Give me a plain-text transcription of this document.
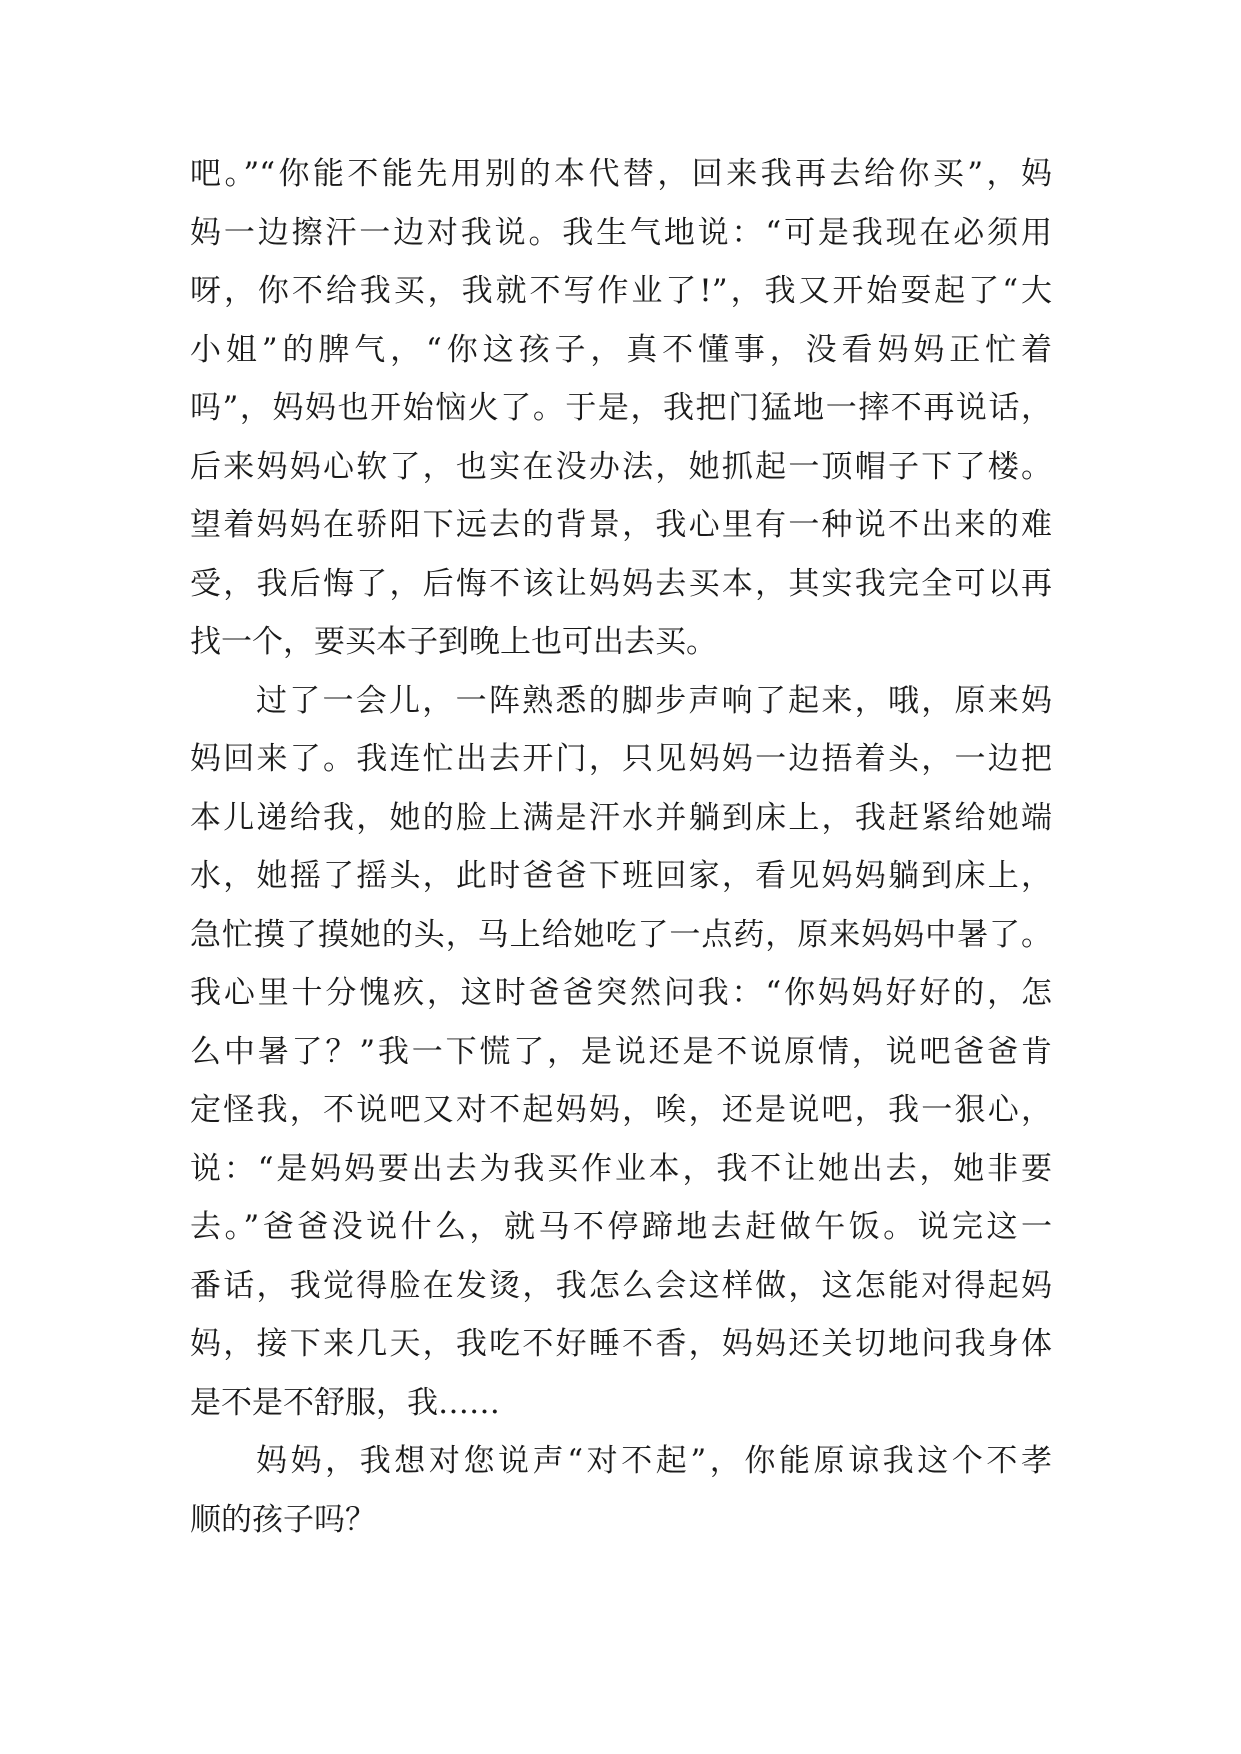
吧。”“你能不能先用别的本代替，回来我再去给你买”，妈
妈一边擦汗一边对我说。我生气地说：“可是我现在必须用
呀，你不给我买，我就不写作业了!”，我又开始耍起了“大
小姐”的脾气，“你这孩子，真不懂事，没看妈妈正忙着
吗”，妈妈也开始恼火了。于是，我把门猛地一摔不再说话，
后来妈妈心软了，也实在没办法，她抓起一顶帽子下了楼。
望着妈妈在骄阳下远去的背景，我心里有一种说不出来的难
受，我后悔了，后悔不该让妈妈去买本，其实我完全可以再
找一个，要买本子到晚上也可出去买。
过了一会儿，一阵熟悉的脚步声响了起来，哦，原来妈
妈回来了。我连忙出去开门，只见妈妈一边捂着头，一边把
本儿递给我，她的脸上满是汗水并躺到床上，我赶紧给她端
水，她摇了摇头，此时爸爸下班回家，看见妈妈躺到床上，
急忙摸了摸她的头，马上给她吃了一点药，原来妈妈中暑了。
我心里十分愧疚，这时爸爸突然问我：“你妈妈好好的，怎
么中暑了？”我一下慌了，是说还是不说原情，说吧爸爸肯
定怪我，不说吧又对不起妈妈，唉，还是说吧，我一狠心，
说：“是妈妈要出去为我买作业本，我不让她出去，她非要
去。”爸爸没说什么，就马不停蹄地去赶做午饭。说完这一
番话，我觉得脸在发烫，我怎么会这样做，这怎能对得起妈
妈，接下来几天，我吃不好睡不香，妈妈还关切地问我身体
是不是不舒服，我……
妈妈，我想对您说声“对不起”，你能原谅我这个不孝
顺的孩子吗？
